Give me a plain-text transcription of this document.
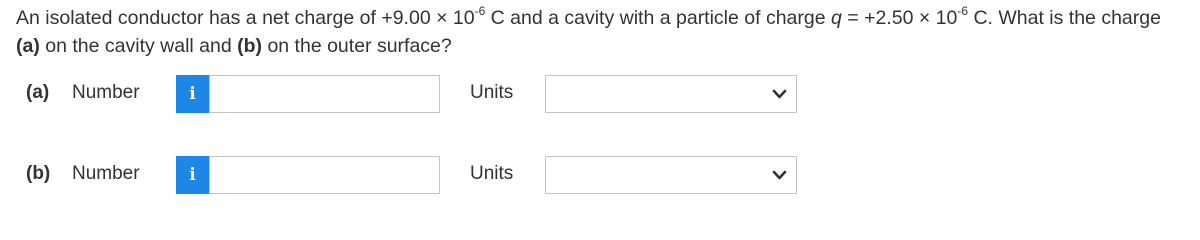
An isolated conductor has a net charge of $+9.00 \times 10^{-6}$ C and a cavity with a particle of charge $q = +2.50 \times 10^{-6}$ C. What is the charge
(a) on the cavity wall and (b) on the outer surface?
(a) Number	i	Units
(b) Number	i	Units
